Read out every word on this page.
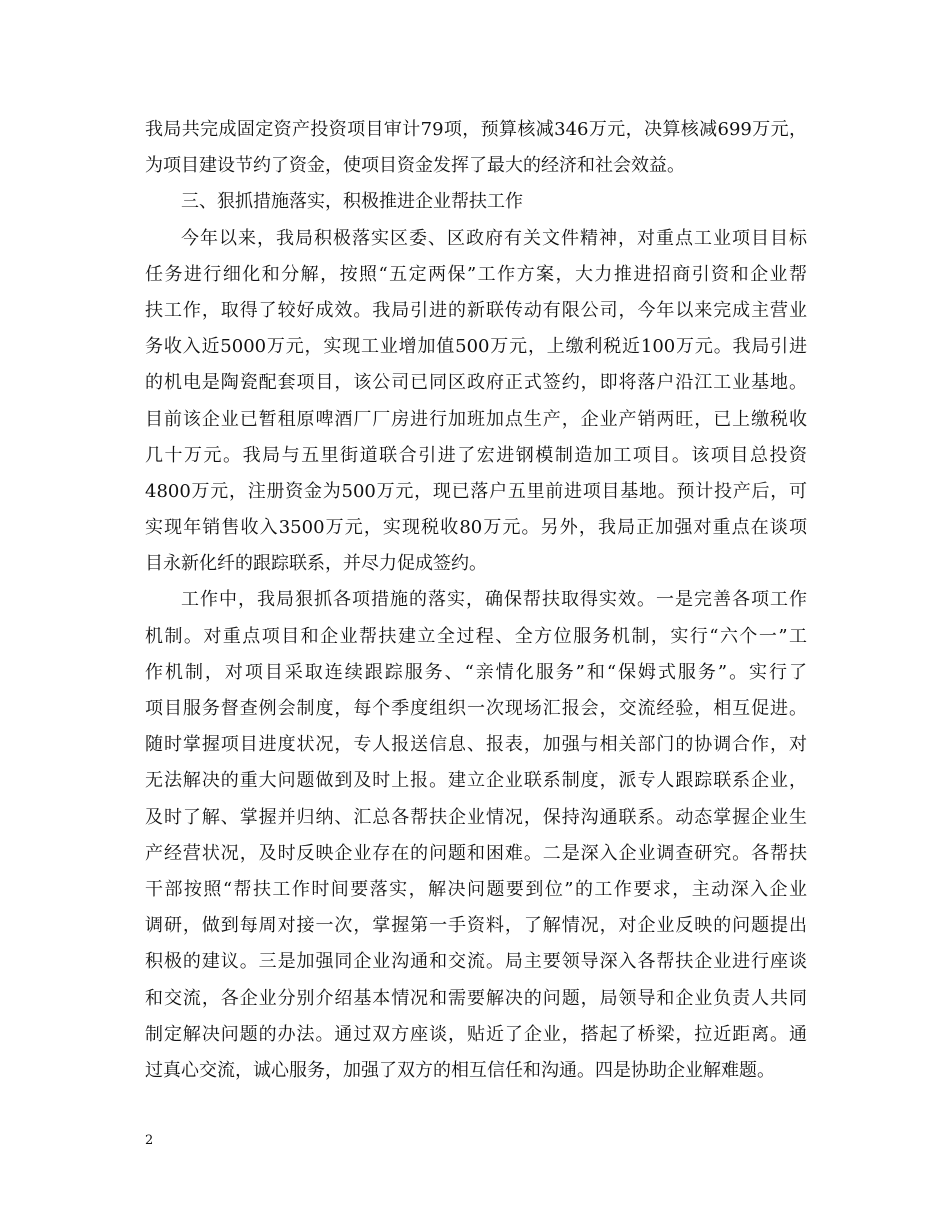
我局共完成固定资产投资项目审计79项，预算核减346万元，决算核减699万元，
为项目建设节约了资金，使项目资金发挥了最大的经济和社会效益。
三、狠抓措施落实，积极推进企业帮扶工作
今年以来，我局积极落实区委、区政府有关文件精神，对重点工业项目目标
任务进行细化和分解，按照“五定两保”工作方案，大力推进招商引资和企业帮
扶工作，取得了较好成效。我局引进的新联传动有限公司，今年以来完成主营业
务收入近5000万元，实现工业增加值500万元，上缴利税近100万元。我局引进
的机电是陶瓷配套项目，该公司已同区政府正式签约，即将落户沿江工业基地。
目前该企业已暂租原啤酒厂厂房进行加班加点生产，企业产销两旺，已上缴税收
几十万元。我局与五里街道联合引进了宏进钢模制造加工项目。该项目总投资
4800万元，注册资金为500万元，现已落户五里前进项目基地。预计投产后，可
实现年销售收入3500万元，实现税收80万元。另外，我局正加强对重点在谈项
目永新化纤的跟踪联系，并尽力促成签约。
工作中，我局狠抓各项措施的落实，确保帮扶取得实效。一是完善各项工作
机制。对重点项目和企业帮扶建立全过程、全方位服务机制，实行“六个一”工
作机制，对项目采取连续跟踪服务、“亲情化服务”和“保姆式服务”。实行了
项目服务督查例会制度，每个季度组织一次现场汇报会，交流经验，相互促进。
随时掌握项目进度状况，专人报送信息、报表，加强与相关部门的协调合作，对
无法解决的重大问题做到及时上报。建立企业联系制度，派专人跟踪联系企业，
及时了解、掌握并归纳、汇总各帮扶企业情况，保持沟通联系。动态掌握企业生
产经营状况，及时反映企业存在的问题和困难。二是深入企业调查研究。各帮扶
干部按照“帮扶工作时间要落实，解决问题要到位”的工作要求，主动深入企业
调研，做到每周对接一次，掌握第一手资料，了解情况，对企业反映的问题提出
积极的建议。三是加强同企业沟通和交流。局主要领导深入各帮扶企业进行座谈
和交流，各企业分别介绍基本情况和需要解决的问题，局领导和企业负责人共同
制定解决问题的办法。通过双方座谈，贴近了企业，搭起了桥梁，拉近距离。通
过真心交流，诚心服务，加强了双方的相互信任和沟通。四是协助企业解难题。
2
